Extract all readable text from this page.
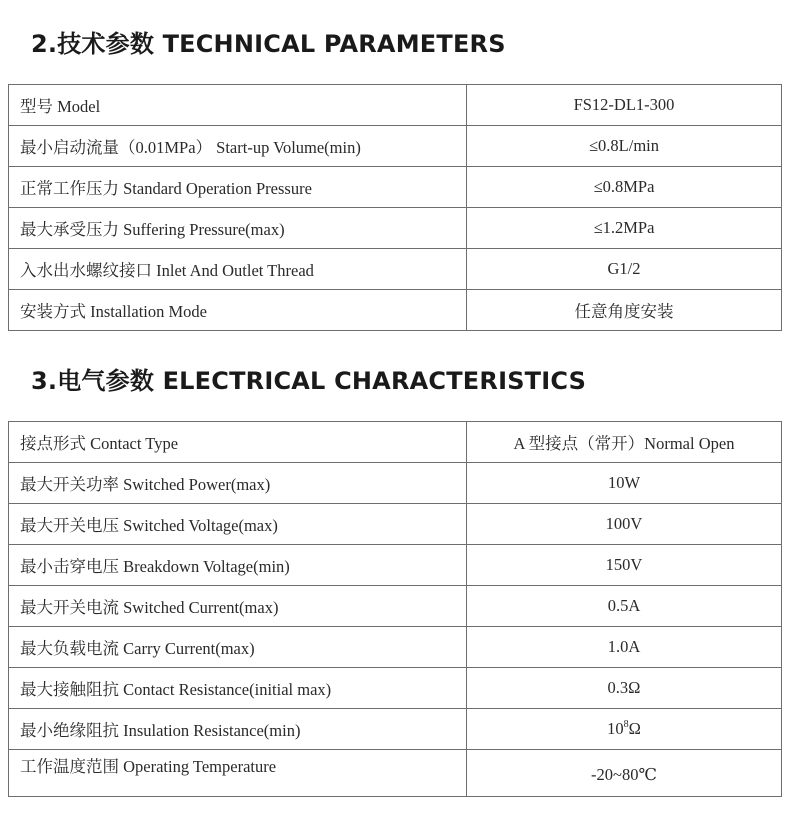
2.技术参数 TECHNICAL PARAMETERS
型号 Model	FS12-DL1-300
最小启动流量（0.01MPa） Start-up Volume(min)	≤0.8L/min
正常工作压力 Standard Operation Pressure	≤0.8MPa
最大承受压力 Suffering Pressure(max)	≤1.2MPa
入水出水螺纹接口 Inlet And Outlet Thread	G1/2
安装方式 Installation Mode	任意角度安装
3.电气参数 ELECTRICAL CHARACTERISTICS
接点形式 Contact Type	A 型接点（常开）Normal Open
最大开关功率 Switched Power(max)	10W
最大开关电压 Switched Voltage(max)	100V
最小击穿电压 Breakdown Voltage(min)	150V
最大开关电流 Switched Current(max)	0.5A
最大负载电流 Carry Current(max)	1.0A
最大接触阻抗 Contact Resistance(initial max)	0.3Ω
最小绝缘阻抗 Insulation Resistance(min)	$10^8\Omega$
工作温度范围 Operating Temperature	-20~80℃
